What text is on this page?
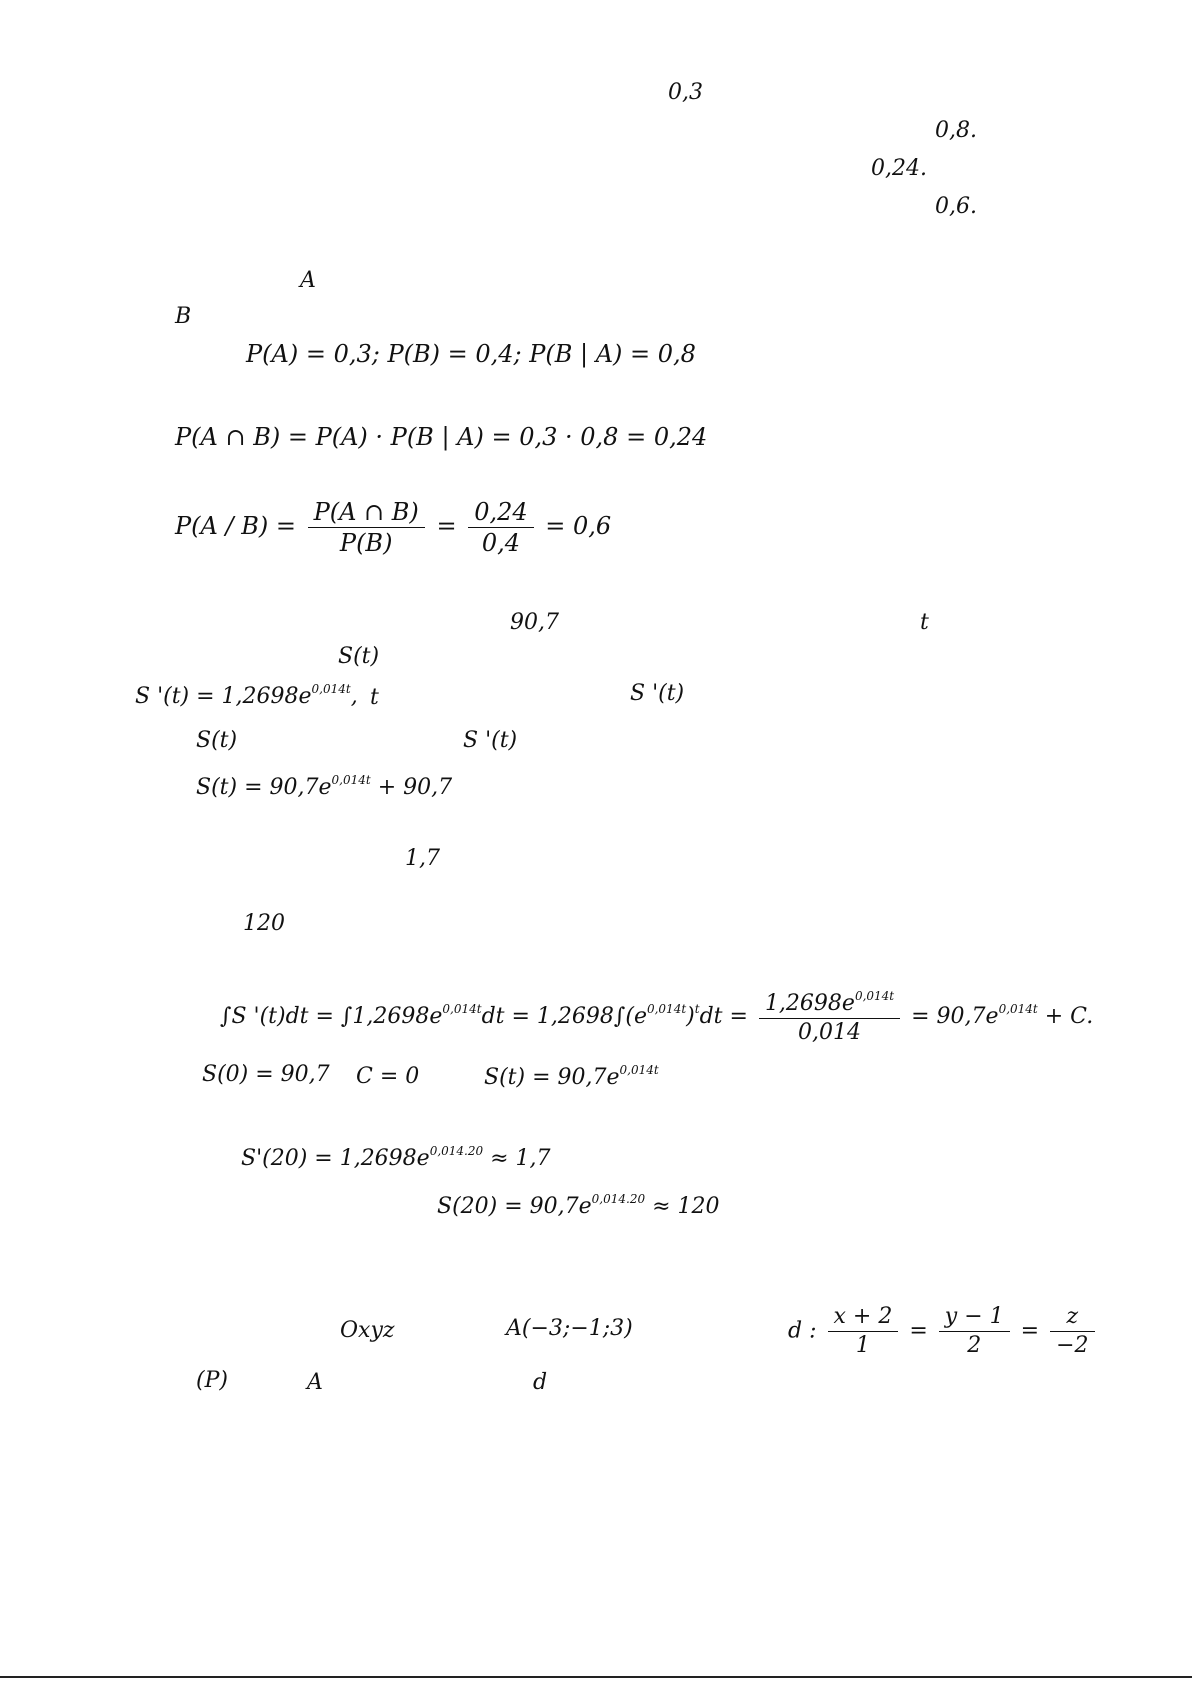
0,3
0,8.
0,24.
0,6.
A
B
P(A) = 0,3; P(B) = 0,4; P(B | A) = 0,8
P(A ∩ B) = P(A) · P(B | A) = 0,3 · 0,8 = 0,24
$P(A / B) = \frac{P(A \cap B)}{P(B)} = \frac{0,24}{0,4} = 0,6$
90,7	t
S(t)
S '$(t) = 1,2698e^{0,014t}$, t	S '(t)
S(t)	S '(t)
$S(t) = 90,7e^{0,014t} + 90,7$
1,7
120
∫S '$(t)dt = \int 1,2698e^{0,014t}dt = 1,2698\int(e^{0,014t})^tdt = \frac{1,2698e^{0,014t}}{0,014} = 90,7e^{0,014t} + C$.
S(0) = 90,7 C = 0	$S(t) = 90,7e^{0,014t}$
$S'(20) = 1,2698e^{0,014.20} \approx 1,7$
$S(20) = 90,7e^{0,014.20} \approx 120$
Oxyz	A(−3;−1;3)	d : $\frac{x + 2}{1} = \frac{y - 1}{2} = \frac{z}{-2}$
(P)	A	d
